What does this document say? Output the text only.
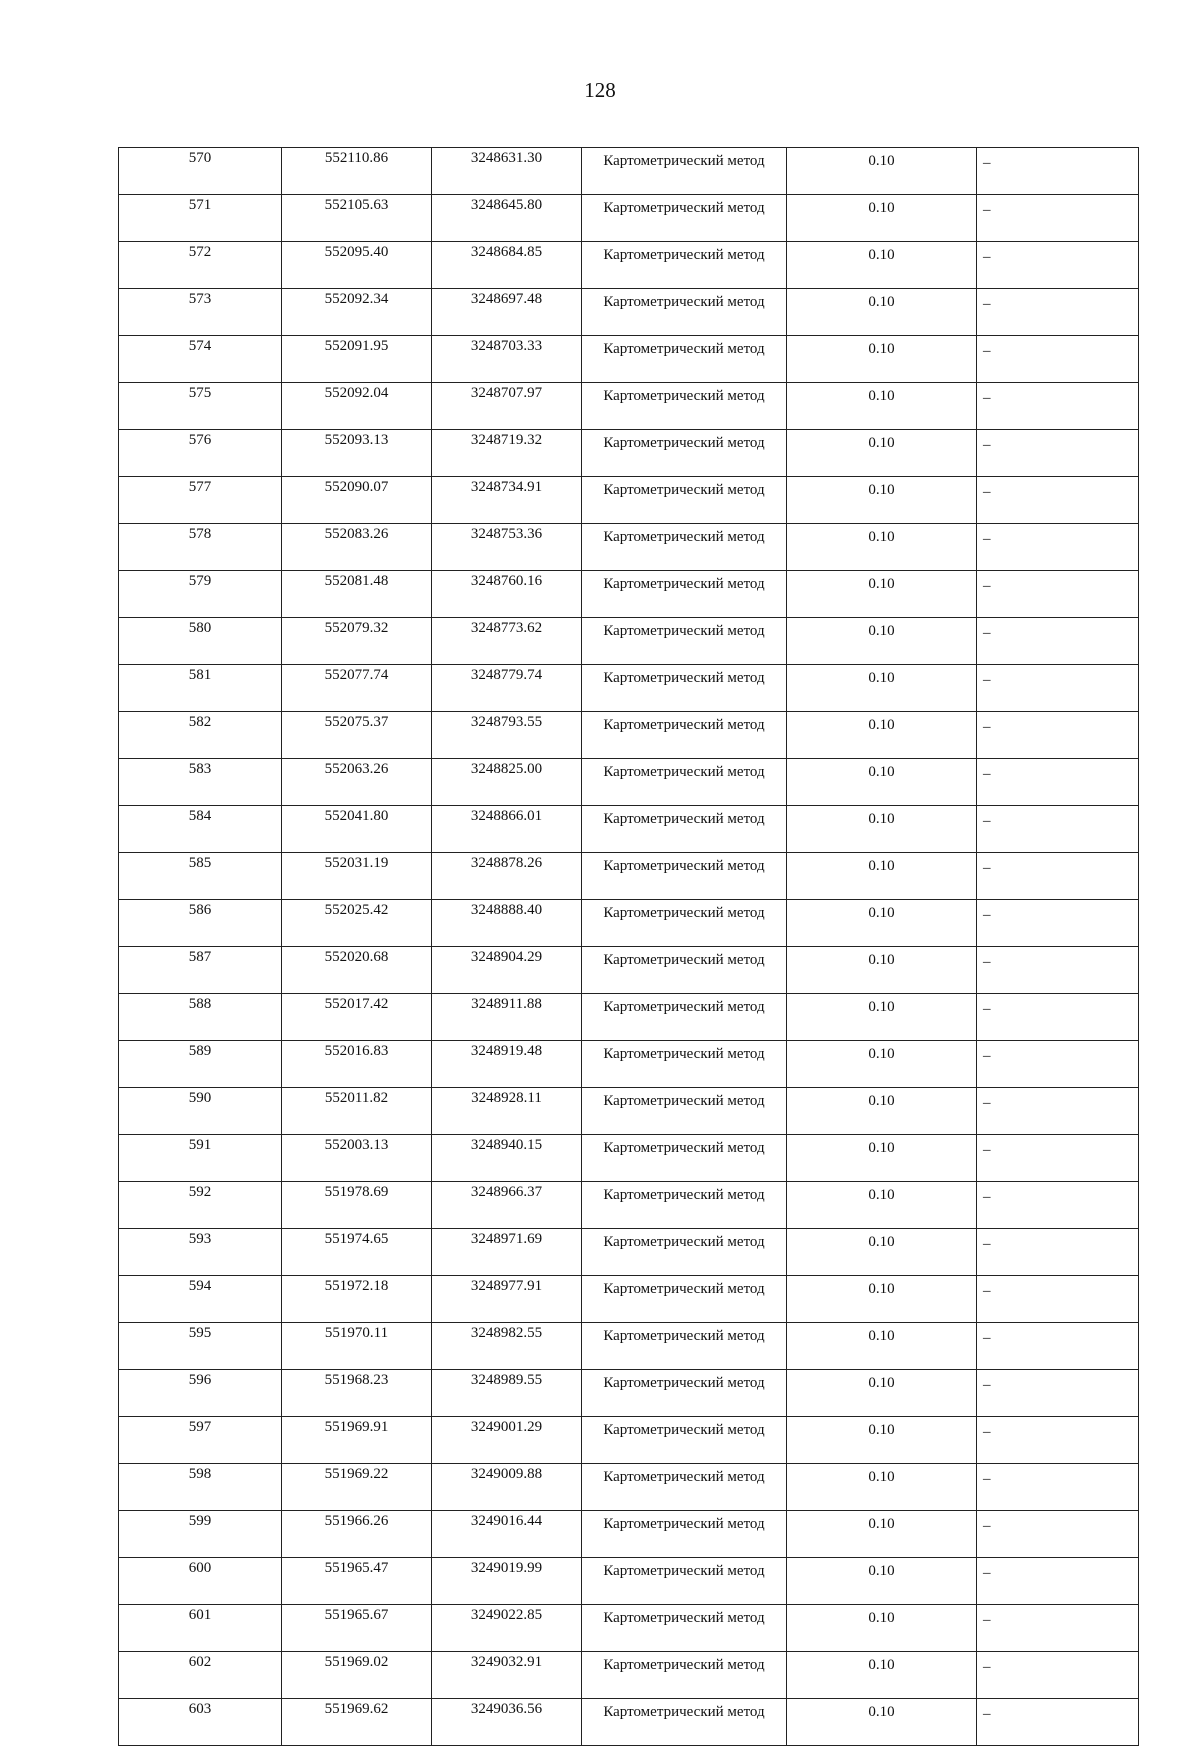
128
570	552110.86	3248631.30	Картометрический метод	0.10	–
571	552105.63	3248645.80	Картометрический метод	0.10	–
572	552095.40	3248684.85	Картометрический метод	0.10	–
573	552092.34	3248697.48	Картометрический метод	0.10	–
574	552091.95	3248703.33	Картометрический метод	0.10	–
575	552092.04	3248707.97	Картометрический метод	0.10	–
576	552093.13	3248719.32	Картометрический метод	0.10	–
577	552090.07	3248734.91	Картометрический метод	0.10	–
578	552083.26	3248753.36	Картометрический метод	0.10	–
579	552081.48	3248760.16	Картометрический метод	0.10	–
580	552079.32	3248773.62	Картометрический метод	0.10	–
581	552077.74	3248779.74	Картометрический метод	0.10	–
582	552075.37	3248793.55	Картометрический метод	0.10	–
583	552063.26	3248825.00	Картометрический метод	0.10	–
584	552041.80	3248866.01	Картометрический метод	0.10	–
585	552031.19	3248878.26	Картометрический метод	0.10	–
586	552025.42	3248888.40	Картометрический метод	0.10	–
587	552020.68	3248904.29	Картометрический метод	0.10	–
588	552017.42	3248911.88	Картометрический метод	0.10	–
589	552016.83	3248919.48	Картометрический метод	0.10	–
590	552011.82	3248928.11	Картометрический метод	0.10	–
591	552003.13	3248940.15	Картометрический метод	0.10	–
592	551978.69	3248966.37	Картометрический метод	0.10	–
593	551974.65	3248971.69	Картометрический метод	0.10	–
594	551972.18	3248977.91	Картометрический метод	0.10	–
595	551970.11	3248982.55	Картометрический метод	0.10	–
596	551968.23	3248989.55	Картометрический метод	0.10	–
597	551969.91	3249001.29	Картометрический метод	0.10	–
598	551969.22	3249009.88	Картометрический метод	0.10	–
599	551966.26	3249016.44	Картометрический метод	0.10	–
600	551965.47	3249019.99	Картометрический метод	0.10	–
601	551965.67	3249022.85	Картометрический метод	0.10	–
602	551969.02	3249032.91	Картометрический метод	0.10	–
603	551969.62	3249036.56	Картометрический метод	0.10	–
